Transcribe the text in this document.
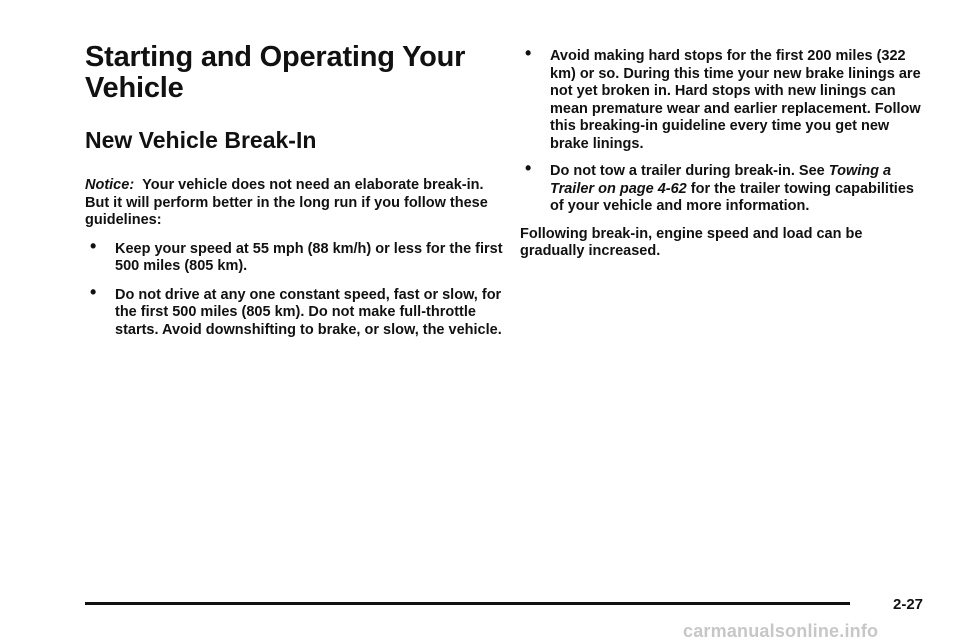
Starting and Operating Your Vehicle
New Vehicle Break-In

Notice: Your vehicle does not need an elaborate break-in. But it will perform better in the long run if you follow these guidelines:

• Keep your speed at 55 mph (88 km/h) or less for the first 500 miles (805 km).
• Do not drive at any one constant speed, fast or slow, for the first 500 miles (805 km). Do not make full-throttle starts. Avoid downshifting to brake, or slow, the vehicle.
• Avoid making hard stops for the first 200 miles (322 km) or so. During this time your new brake linings are not yet broken in. Hard stops with new linings can mean premature wear and earlier replacement. Follow this breaking-in guideline every time you get new brake linings.
• Do not tow a trailer during break-in. See Towing a Trailer on page 4-62 for the trailer towing capabilities of your vehicle and more information.

Following break-in, engine speed and load can be gradually increased.

2-27
carmanualsonline.info
